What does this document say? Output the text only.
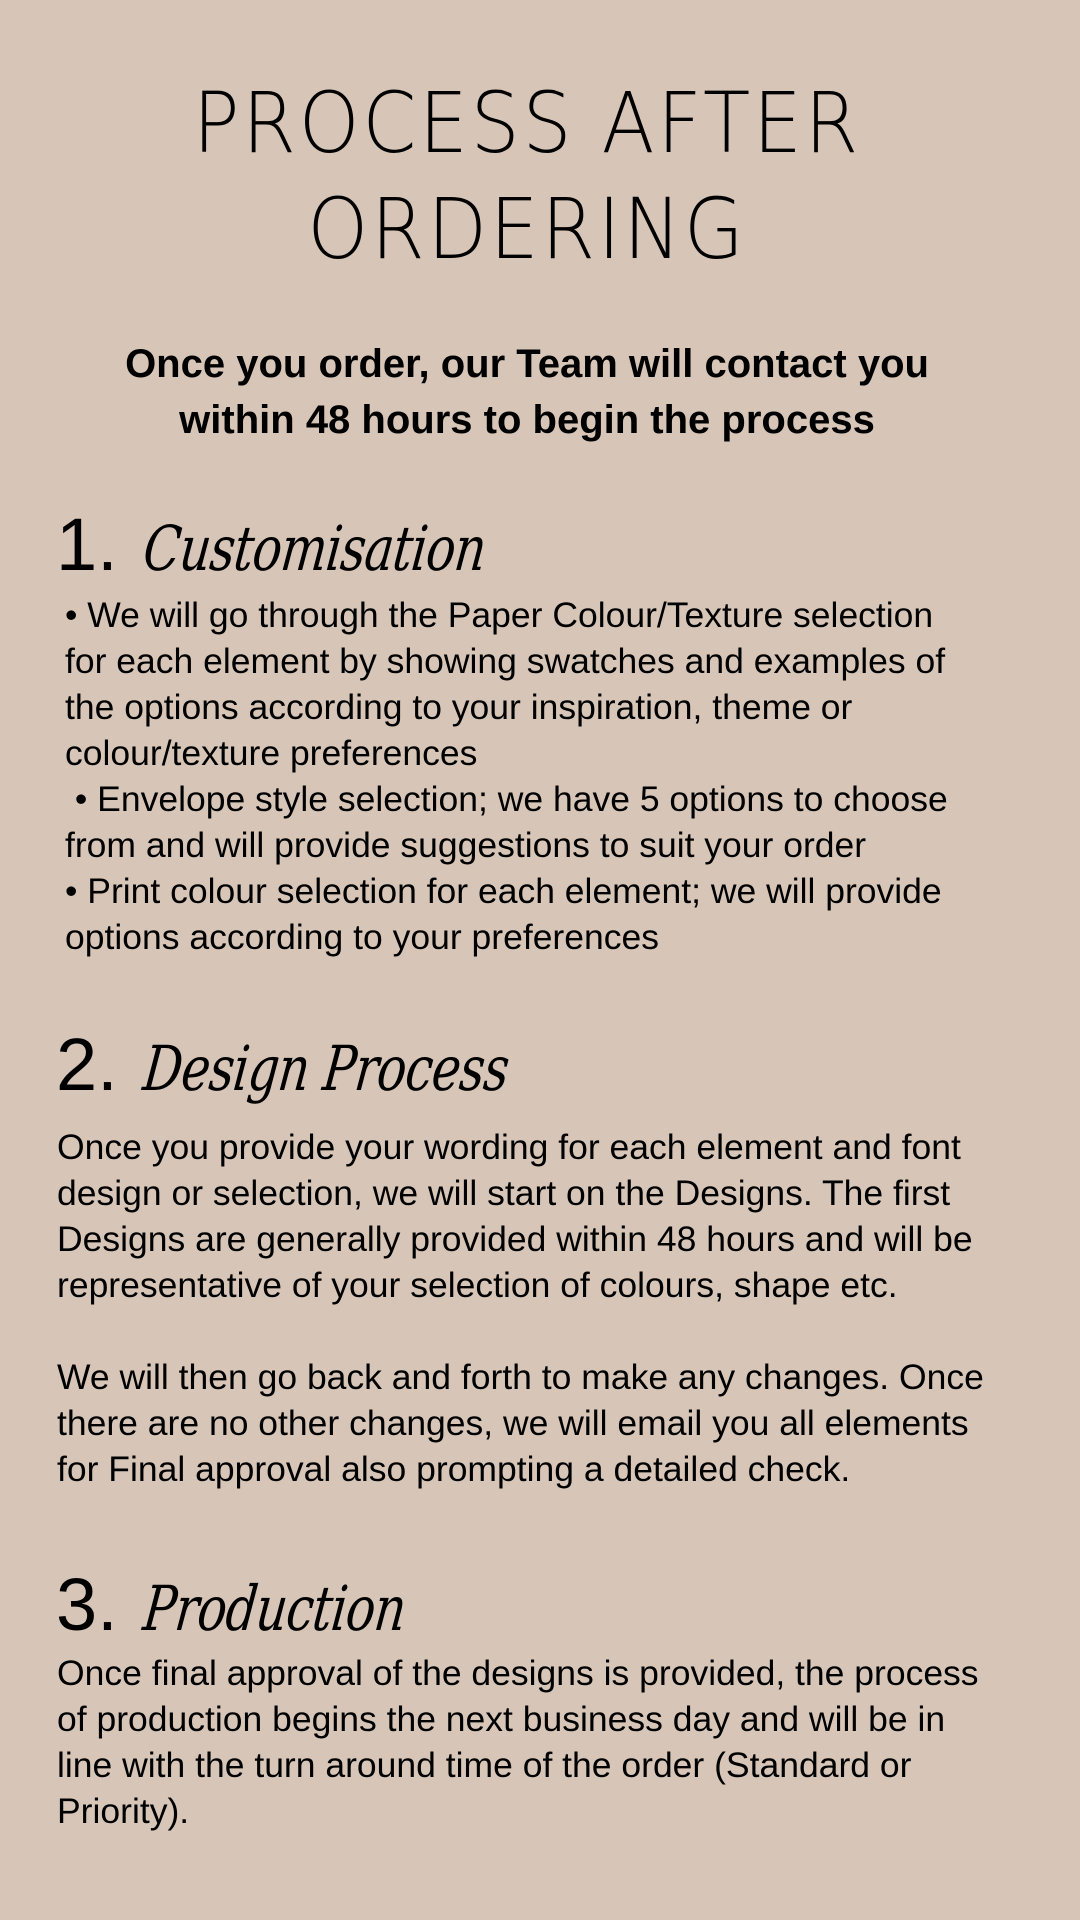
PROCESS AFTER
ORDERING
Once you order, our Team will contact you
within 48 hours to begin the process
1. Customisation

• We will go through the Paper Colour/Texture selection

for each element by showing swatches and examples of

the options according to your inspiration, theme or

colour/texture preferences

• Envelope style selection; we have 5 options to choose

from and will provide suggestions to suit your order

• Print colour selection for each element; we will provide

options according to your preferences

2. Design Process

Once you provide your wording for each element and font

design or selection, we will start on the Designs. The first

Designs are generally provided within 48 hours and will be

representative of your selection of colours, shape etc.

We will then go back and forth to make any changes. Once

there are no other changes, we will email you all elements

for Final approval also prompting a detailed check.

3. Production

Once final approval of the designs is provided, the process

of production begins the next business day and will be in

line with the turn around time of the order (Standard or

Priority).
